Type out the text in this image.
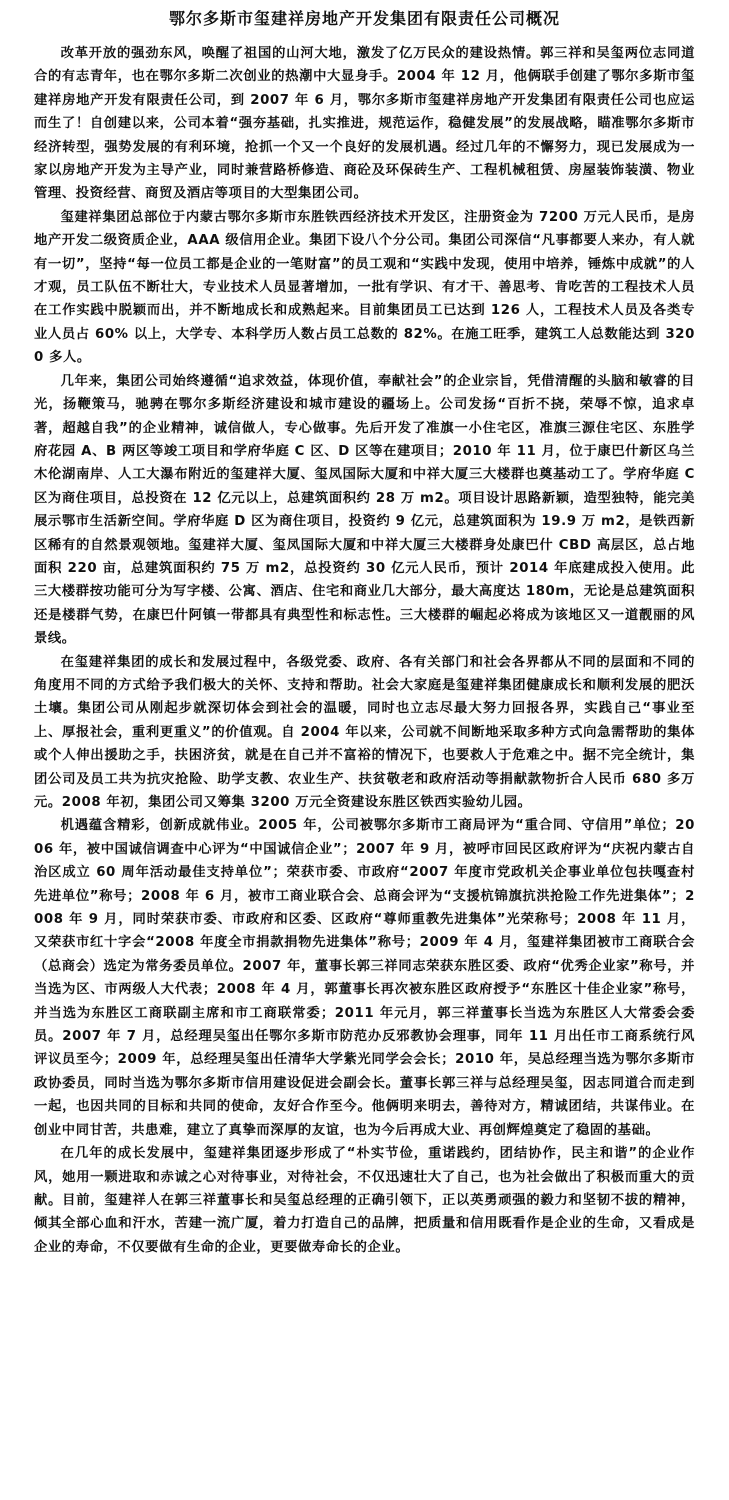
鄂尔多斯市玺建祥房地产开发集团有限责任公司概况

改革开放的强劲东风，唤醒了祖国的山河大地，激发了亿万民众的建设热情。郭三祥和吴玺两位志同道合的有志青年，也在鄂尔多斯二次创业的热潮中大显身手。2004 年 12 月，他俩联手创建了鄂尔多斯市玺建祥房地产开发有限责任公司，到 2007 年 6 月，鄂尔多斯市玺建祥房地产开发集团有限责任公司也应运而生了！自创建以来，公司本着“强夯基础，扎实推进，规范运作，稳健发展”的发展战略，瞄准鄂尔多斯市经济转型，强势发展的有利环境，抢抓一个又一个良好的发展机遇。经过几年的不懈努力，现已发展成为一家以房地产开发为主导产业，同时兼营路桥修造、商砼及环保砖生产、工程机械租赁、房屋装饰装潢、物业管理、投资经营、商贸及酒店等项目的大型集团公司。

玺建祥集团总部位于内蒙古鄂尔多斯市东胜铁西经济技术开发区，注册资金为 7200 万元人民币，是房地产开发二级资质企业，AAA 级信用企业。集团下设八个分公司。集团公司深信“凡事都要人来办，有人就有一切”，坚持“每一位员工都是企业的一笔财富”的员工观和“实践中发现，使用中培养，锤炼中成就”的人才观，员工队伍不断壮大，专业技术人员显著增加，一批有学识、有才干、善思考、肯吃苦的工程技术人员在工作实践中脱颖而出，并不断地成长和成熟起来。目前集团员工已达到 126 人，工程技术人员及各类专业人员占 60% 以上，大学专、本科学历人数占员工总数的 82%。在施工旺季，建筑工人总数能达到 3200 多人。

几年来，集团公司始终遵循“追求效益，体现价值，奉献社会”的企业宗旨，凭借清醒的头脑和敏睿的目光，扬鞭策马，驰骋在鄂尔多斯经济建设和城市建设的疆场上。公司发扬“百折不挠，荣辱不惊，追求卓著，超越自我”的企业精神，诚信做人，专心做事。先后开发了准旗一小住宅区，准旗三源住宅区、东胜学府花园 A、B 两区等竣工项目和学府华庭 C 区、D 区等在建项目；2010 年 11 月，位于康巴什新区乌兰木伦湖南岸、人工大瀑布附近的玺建祥大厦、玺凤国际大厦和中祥大厦三大楼群也奠基动工了。学府华庭 C 区为商住项目，总投资在 12 亿元以上，总建筑面积约 28 万 m2。项目设计思路新颖，造型独特，能完美展示鄂市生活新空间。学府华庭 D 区为商住项目，投资约 9 亿元，总建筑面积为 19.9 万 m2，是铁西新区稀有的自然景观领地。玺建祥大厦、玺凤国际大厦和中祥大厦三大楼群身处康巴什 CBD 高层区，总占地面积 220 亩，总建筑面积约 75 万 m2，总投资约 30 亿元人民币，预计 2014 年底建成投入使用。此三大楼群按功能可分为写字楼、公寓、酒店、住宅和商业几大部分，最大高度达 180m，无论是总建筑面积还是楼群气势，在康巴什阿镇一带都具有典型性和标志性。三大楼群的崛起必将成为该地区又一道靓丽的风景线。

在玺建祥集团的成长和发展过程中，各级党委、政府、各有关部门和社会各界都从不同的层面和不同的角度用不同的方式给予我们极大的关怀、支持和帮助。社会大家庭是玺建祥集团健康成长和顺利发展的肥沃土壤。集团公司从刚起步就深切体会到社会的温暖，同时也立志尽最大努力回报各界，实践自己“事业至上、厚报社会，重利更重义”的价值观。自 2004 年以来，公司就不间断地采取多种方式向急需帮助的集体或个人伸出援助之手，扶困济贫，就是在自己并不富裕的情况下，也要救人于危难之中。据不完全统计，集团公司及员工共为抗灾抢险、助学支教、农业生产、扶贫敬老和政府活动等捐献款物折合人民币 680 多万元。2008 年初，集团公司又筹集 3200 万元全资建设东胜区铁西实验幼儿园。

机遇蕴含精彩，创新成就伟业。2005 年，公司被鄂尔多斯市工商局评为“重合同、守信用”单位；2006 年，被中国诚信调查中心评为“中国诚信企业”；2007 年 9 月，被呼市回民区政府评为“庆祝内蒙古自治区成立 60 周年活动最佳支持单位”；荣获市委、市政府“2007 年度市党政机关企事业单位包扶嘎查村先进单位”称号；2008 年 6 月，被市工商业联合会、总商会评为“支援杭锦旗抗洪抢险工作先进集体”；2008 年 9 月，同时荣获市委、市政府和区委、区政府“尊师重教先进集体”光荣称号；2008 年 11 月，又荣获市红十字会“2008 年度全市捐款捐物先进集体”称号；2009 年 4 月，玺建祥集团被市工商联合会（总商会）选定为常务委员单位。2007 年，董事长郭三祥同志荣获东胜区委、政府“优秀企业家”称号，并当选为区、市两级人大代表；2008 年 4 月，郭董事长再次被东胜区政府授予“东胜区十佳企业家”称号，并当选为东胜区工商联副主席和市工商联常委；2011 年元月，郭三祥董事长当选为东胜区人大常委会委员。2007 年 7 月，总经理吴玺出任鄂尔多斯市防范办反邪教协会理事，同年 11 月出任市工商系统行风评议员至今；2009 年，总经理吴玺出任清华大学紫光同学会会长；2010 年，吴总经理当选为鄂尔多斯市政协委员，同时当选为鄂尔多斯市信用建设促进会副会长。董事长郭三祥与总经理吴玺，因志同道合而走到一起，也因共同的目标和共同的使命，友好合作至今。他俩明来明去，善待对方，精诚团结，共谋伟业。在创业中同甘苦，共患难，建立了真挚而深厚的友谊，也为今后再成大业、再创辉煌奠定了稳固的基础。

在几年的成长发展中，玺建祥集团逐步形成了“朴实节俭，重诺践约，团结协作，民主和谐”的企业作风，她用一颗进取和赤诚之心对待事业，对待社会，不仅迅速壮大了自己，也为社会做出了积极而重大的贡献。目前，玺建祥人在郭三祥董事长和吴玺总经理的正确引领下，正以英勇顽强的毅力和坚韧不拔的精神，倾其全部心血和汗水，苦建一流广厦，着力打造自己的品牌，把质量和信用既看作是企业的生命，又看成是企业的寿命，不仅要做有生命的企业，更要做寿命长的企业。
